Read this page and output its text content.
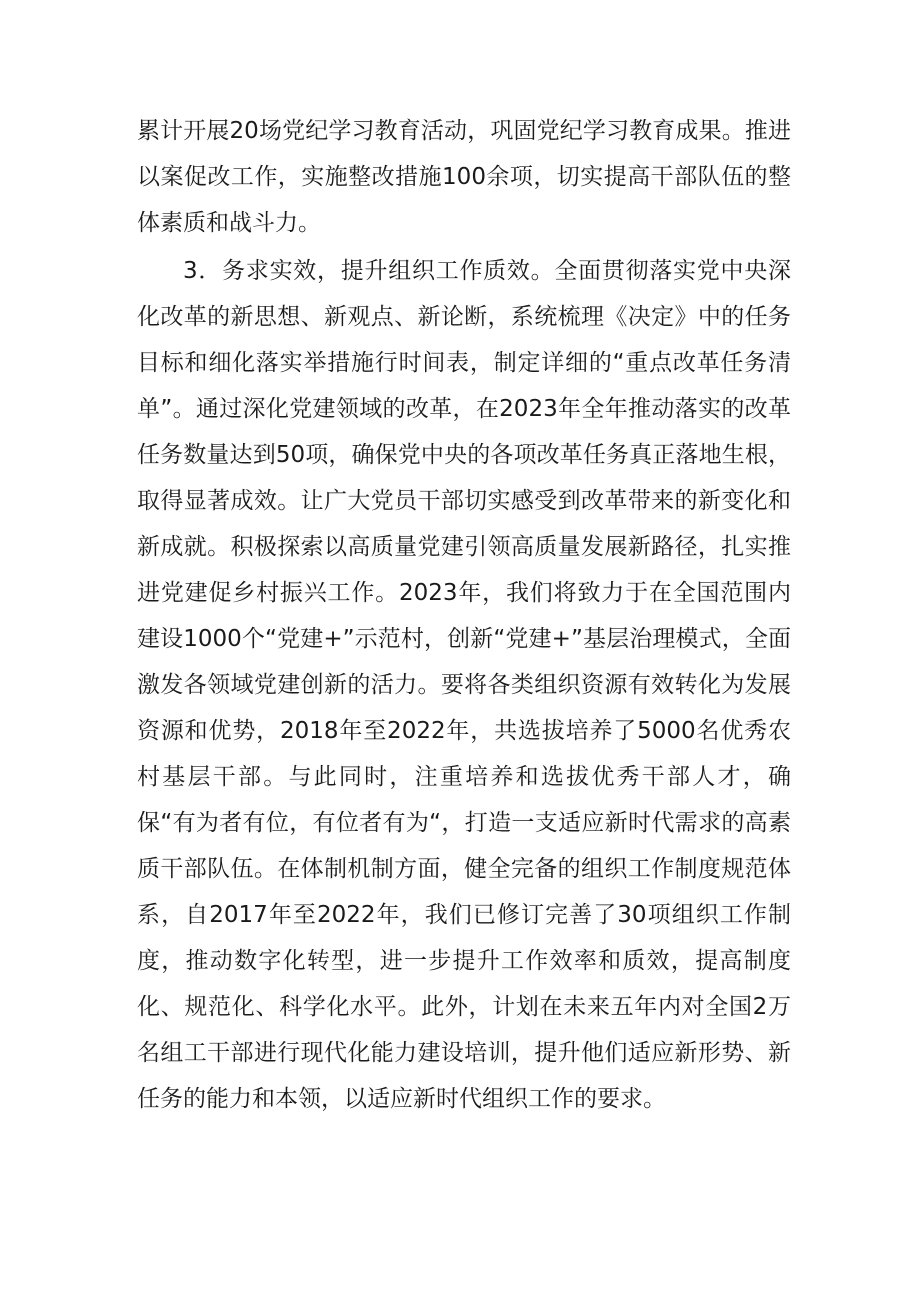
累计开展20场党纪学习教育活动，巩固党纪学习教育成果。推进以案促改工作，实施整改措施100余项，切实提高干部队伍的整体素质和战斗力。

3．务求实效，提升组织工作质效。全面贯彻落实党中央深化改革的新思想、新观点、新论断，系统梳理《决定》中的任务目标和细化落实举措施行时间表，制定详细的“重点改革任务清单”。通过深化党建领域的改革，在2023年全年推动落实的改革任务数量达到50项，确保党中央的各项改革任务真正落地生根，取得显著成效。让广大党员干部切实感受到改革带来的新变化和新成就。积极探索以高质量党建引领高质量发展新路径，扎实推进党建促乡村振兴工作。2023年，我们将致力于在全国范围内建设1000个“党建+”示范村，创新“党建+”基层治理模式，全面激发各领域党建创新的活力。要将各类组织资源有效转化为发展资源和优势，2018年至2022年，共选拔培养了5000名优秀农村基层干部。与此同时，注重培养和选拔优秀干部人才，确保“有为者有位，有位者有为“，打造一支适应新时代需求的高素质干部队伍。在体制机制方面，健全完备的组织工作制度规范体系，自2017年至2022年，我们已修订完善了30项组织工作制度，推动数字化转型，进一步提升工作效率和质效，提高制度化、规范化、科学化水平。此外，计划在未来五年内对全国2万名组工干部进行现代化能力建设培训，提升他们适应新形势、新任务的能力和本领，以适应新时代组织工作的要求。
